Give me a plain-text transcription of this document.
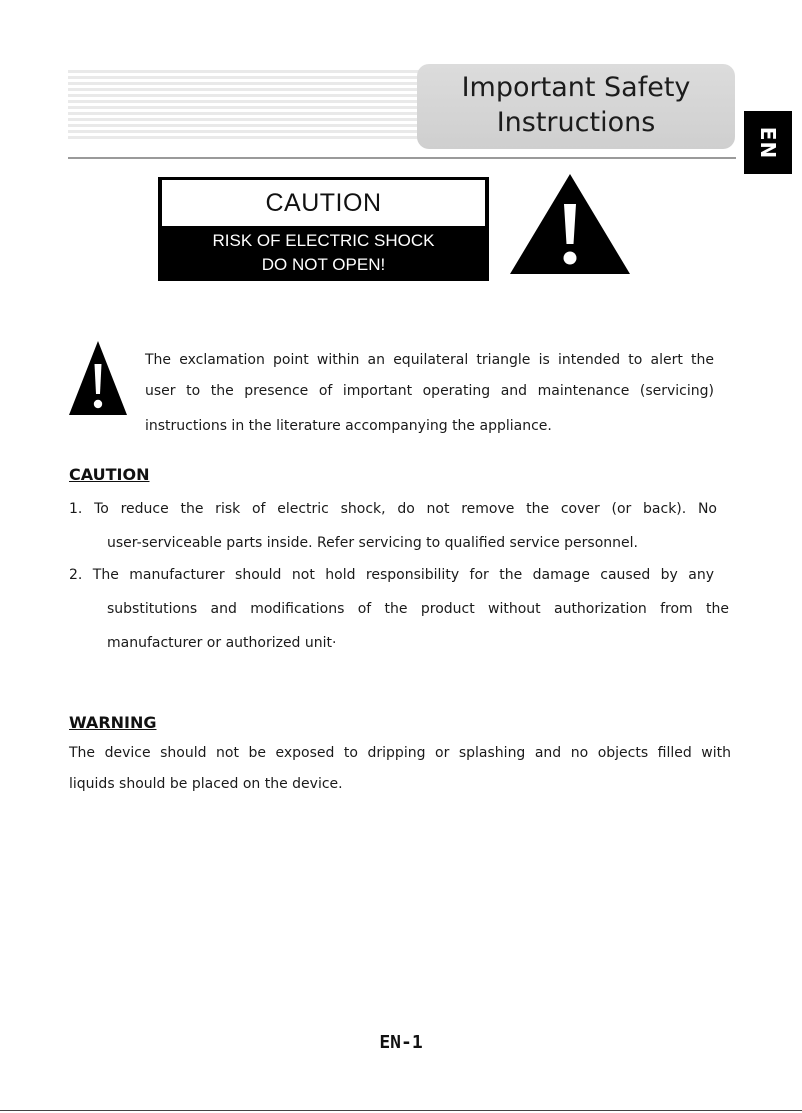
Important Safety
Instructions
EN
CAUTION
RISK OF ELECTRIC SHOCK
DO NOT OPEN!
The exclamation point within an equilateral triangle is intended to alert the
user to the presence of important operating and maintenance (servicing)
instructions in the literature accompanying the appliance.
CAUTION
1. To reduce the risk of electric shock, do not remove the cover (or back). No
user-serviceable parts inside. Refer servicing to qualified service personnel.
2. The manufacturer should not hold responsibility for the damage caused by any
substitutions and modifications of the product without authorization from the
manufacturer or authorized unit·
WARNING
The device should not be exposed to dripping or splashing and no objects filled with
liquids should be placed on the device.
EN-1
